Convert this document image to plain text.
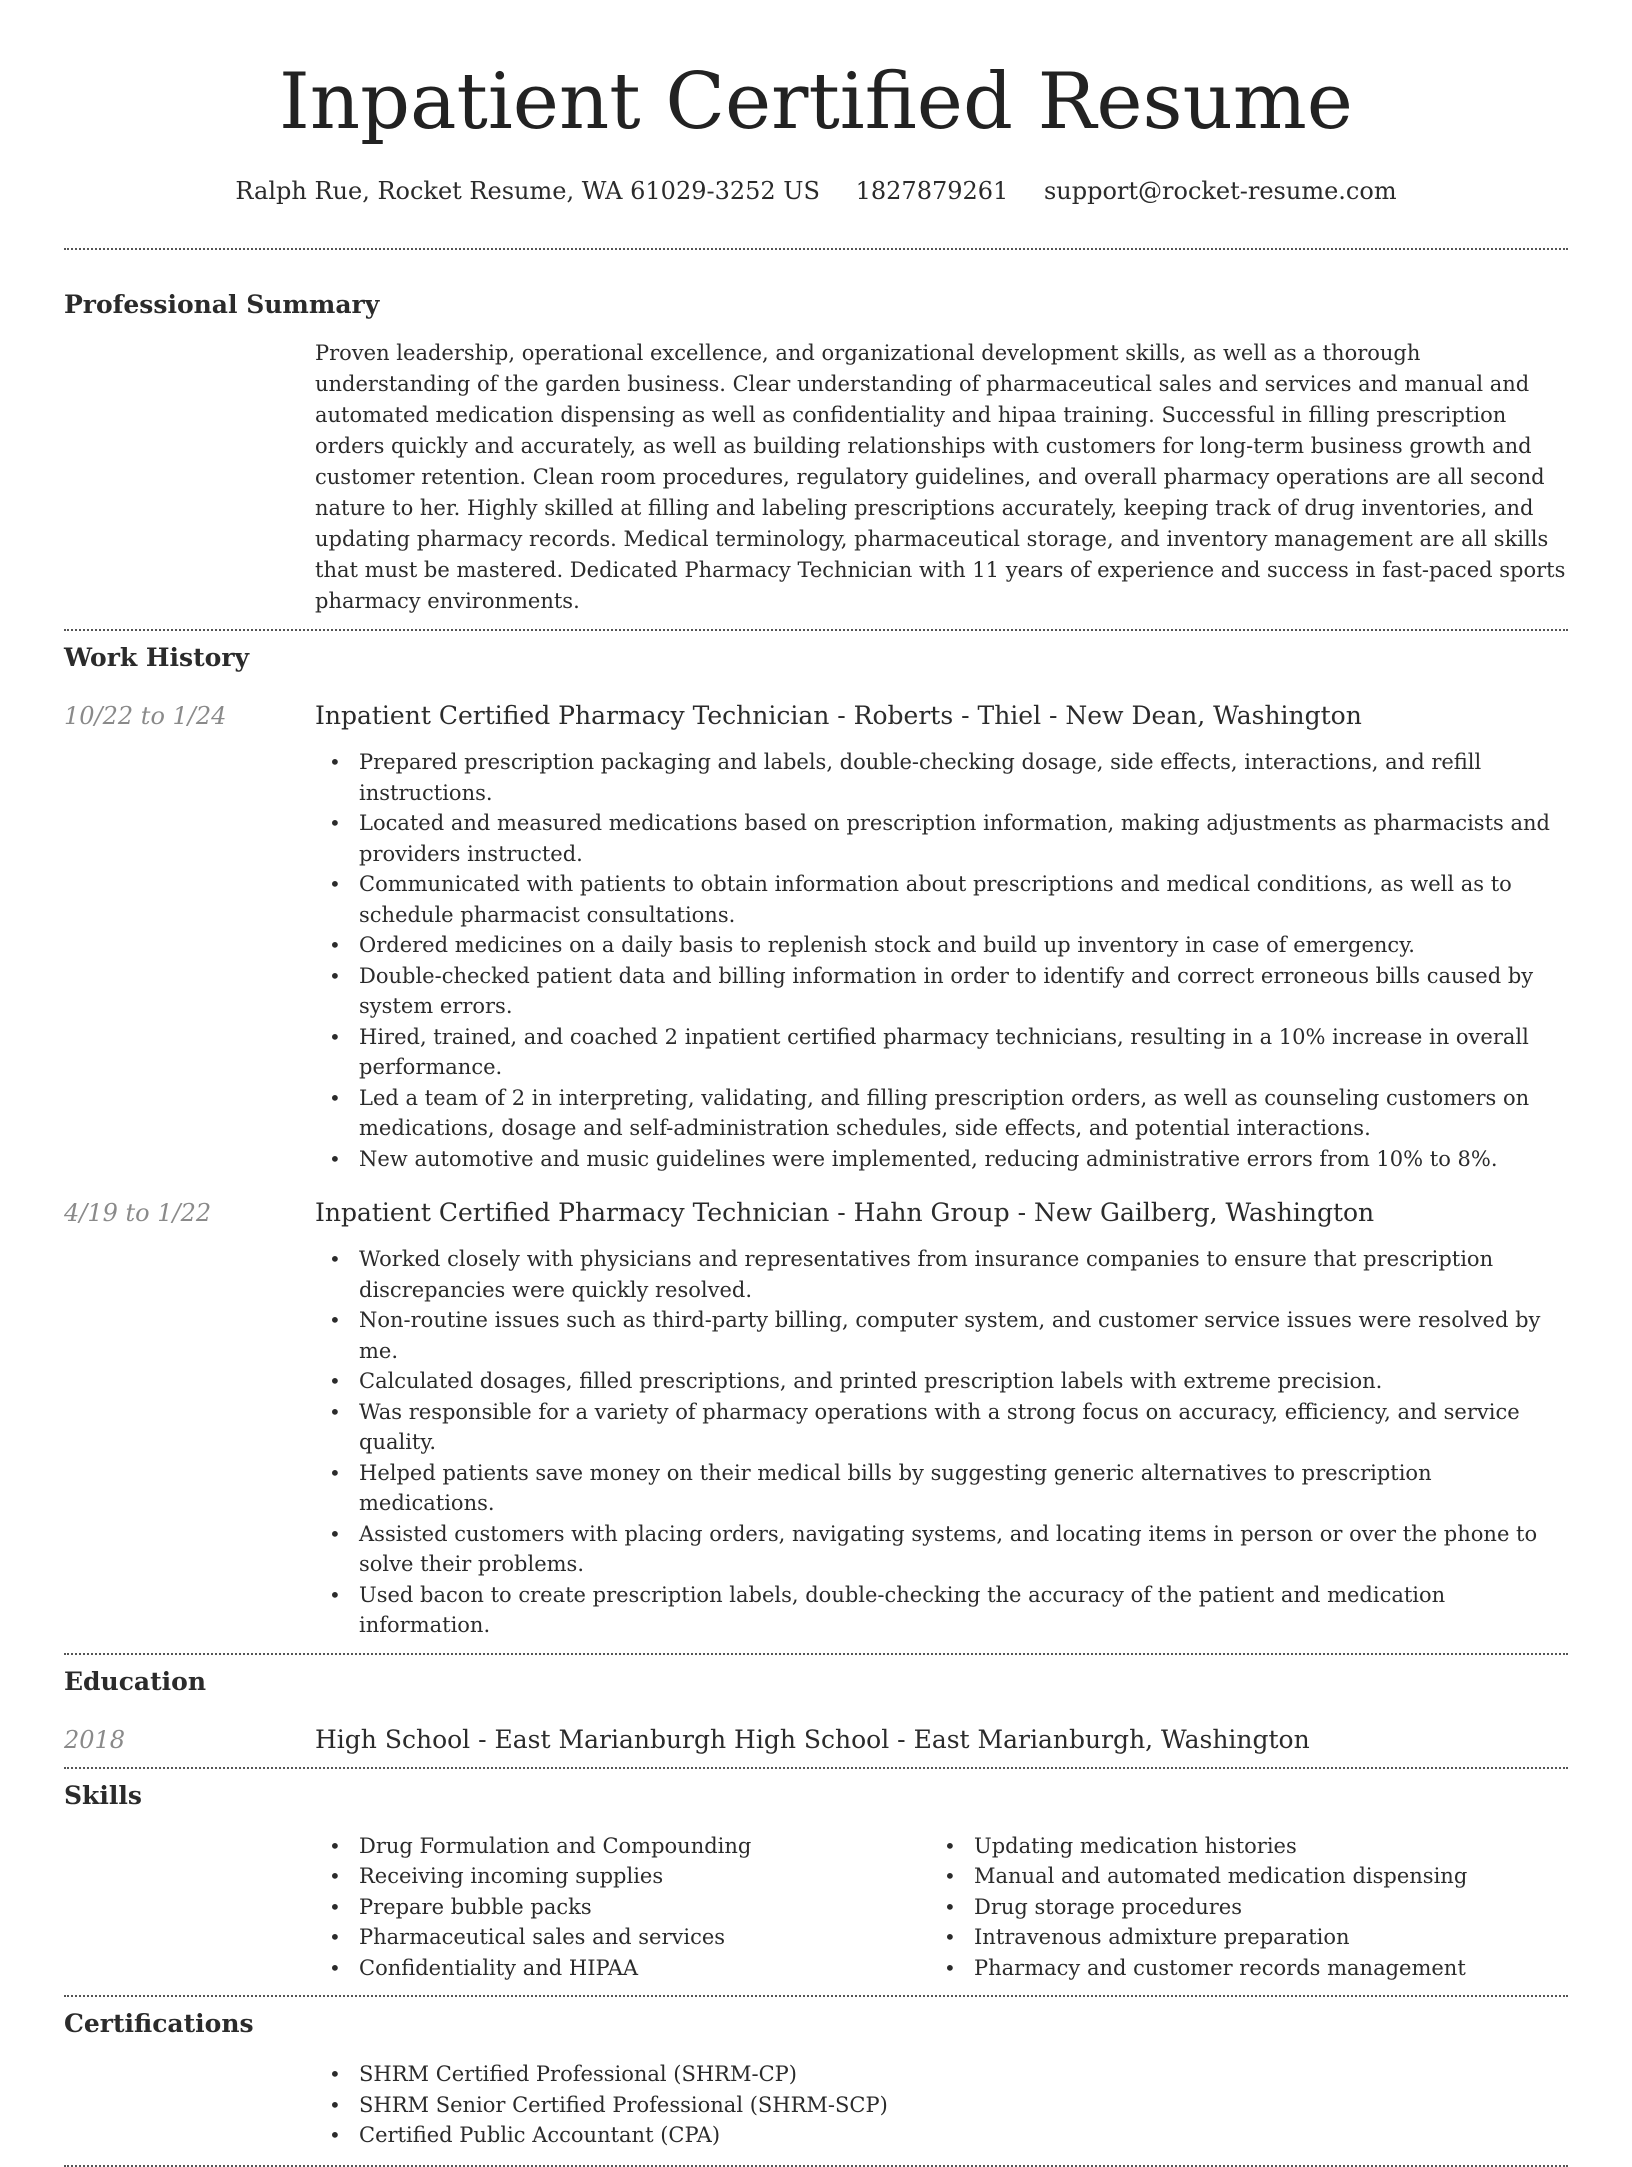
Inpatient Certified Resume
Ralph Rue, Rocket Resume, WA 61029-3252 US 1827879261 support@rocket-resume.com
Professional Summary

Proven leadership, operational excellence, and organizational development skills, as well as a thorough understanding of the garden business. Clear understanding of pharmaceutical sales and services and manual and automated medication dispensing as well as confidentiality and hipaa training. Successful in filling prescription orders quickly and accurately, as well as building relationships with customers for long-term business growth and customer retention. Clean room procedures, regulatory guidelines, and overall pharmacy operations are all second nature to her. Highly skilled at filling and labeling prescriptions accurately, keeping track of drug inventories, and updating pharmacy records. Medical terminology, pharmaceutical storage, and inventory management are all skills that must be mastered. Dedicated Pharmacy Technician with 11 years of experience and success in fast-paced sports pharmacy environments.

Work History
10/22 to 1/24	Inpatient Certified Pharmacy Technician - Roberts - Thiel - New Dean, Washington
• Prepared prescription packaging and labels, double-checking dosage, side effects, interactions, and refill instructions.
• Located and measured medications based on prescription information, making adjustments as pharmacists and providers instructed.
• Communicated with patients to obtain information about prescriptions and medical conditions, as well as to schedule pharmacist consultations.
• Ordered medicines on a daily basis to replenish stock and build up inventory in case of emergency.
• Double-checked patient data and billing information in order to identify and correct erroneous bills caused by system errors.
• Hired, trained, and coached 2 inpatient certified pharmacy technicians, resulting in a 10% increase in overall performance.
• Led a team of 2 in interpreting, validating, and filling prescription orders, as well as counseling customers on medications, dosage and self-administration schedules, side effects, and potential interactions.
• New automotive and music guidelines were implemented, reducing administrative errors from 10% to 8%.
4/19 to 1/22	Inpatient Certified Pharmacy Technician - Hahn Group - New Gailberg, Washington
• Worked closely with physicians and representatives from insurance companies to ensure that prescription discrepancies were quickly resolved.
• Non-routine issues such as third-party billing, computer system, and customer service issues were resolved by me.
• Calculated dosages, filled prescriptions, and printed prescription labels with extreme precision.
• Was responsible for a variety of pharmacy operations with a strong focus on accuracy, efficiency, and service quality.
• Helped patients save money on their medical bills by suggesting generic alternatives to prescription medications.
• Assisted customers with placing orders, navigating systems, and locating items in person or over the phone to solve their problems.
• Used bacon to create prescription labels, double-checking the accuracy of the patient and medication information.
Education
2018	High School - East Marianburgh High School - East Marianburgh, Washington
Skills
• Drug Formulation and Compounding
• Receiving incoming supplies
• Prepare bubble packs
• Pharmaceutical sales and services
• Confidentiality and HIPAA
• Updating medication histories
• Manual and automated medication dispensing
• Drug storage procedures
• Intravenous admixture preparation
• Pharmacy and customer records management
Certifications
• SHRM Certified Professional (SHRM-CP)
• SHRM Senior Certified Professional (SHRM-SCP)
• Certified Public Accountant (CPA)
